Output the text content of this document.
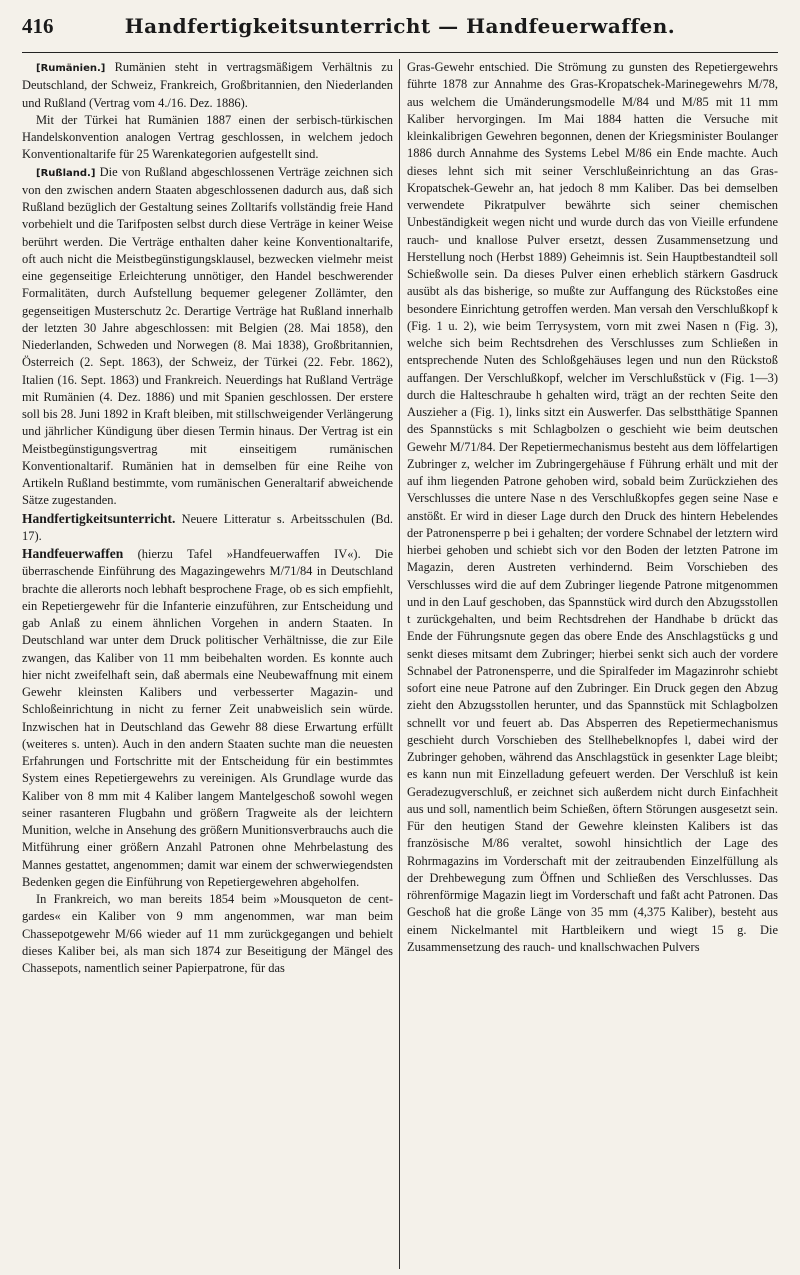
416	Handfertigkeitsunterricht — Handfeuerwaffen.

[Rumänien.] Rumänien steht in vertragsmäßigem Verhältnis zu Deutschland, der Schweiz, Frankreich, Großbritannien, den Niederlanden und Rußland (Vertrag vom 4./16. Dez. 1886).

Mit der Türkei hat Rumänien 1887 einen der serbisch-türkischen Handelskonvention analogen Vertrag geschlossen, in welchem jedoch Konventionaltarife für 25 Warenkategorien aufgestellt sind.

[Rußland.] Die von Rußland abgeschlossenen Verträge zeichnen sich von den zwischen andern Staaten abgeschlossenen dadurch aus, daß sich Rußland bezüglich der Gestaltung seines Zolltarifs vollständig freie Hand vorbehielt und die Tarifposten selbst durch diese Verträge in keiner Weise berührt werden. Die Verträge enthalten daher keine Konventionaltarife, oft auch nicht die Meistbegünstigungsklausel, bezwecken vielmehr meist eine gegenseitige Erleichterung unnötiger, den Handel beschwerender Formalitäten, durch Aufstellung bequemer gelegener Zollämter, den gegenseitigen Musterschutz 2c. Derartige Verträge hat Rußland innerhalb der letzten 30 Jahre abgeschlossen: mit Belgien (28. Mai 1858), den Niederlanden, Schweden und Norwegen (8. Mai 1838), Großbritannien, Österreich (2. Sept. 1863), der Schweiz, der Türkei (22. Febr. 1862), Italien (16. Sept. 1863) und Frankreich. Neuerdings hat Rußland Verträge mit Rumänien (4. Dez. 1886) und mit Spanien geschlossen. Der erstere soll bis 28. Juni 1892 in Kraft bleiben, mit stillschweigender Verlängerung und jährlicher Kündigung über diesen Termin hinaus. Der Vertrag ist ein Meistbegünstigungsvertrag mit einseitigem rumänischen Konventionaltarif. Rumänien hat in demselben für eine Reihe von Artikeln Rußland bestimmte, vom rumänischen Generaltarif abweichende Sätze zugestanden.

Handfertigkeitsunterricht. Neuere Litteratur s. Arbeitsschulen (Bd. 17).

Handfeuerwaffen (hierzu Tafel »Handfeuerwaffen IV«). Die überraschende Einführung des Magazingewehrs M/71/84 in Deutschland brachte die allerorts noch lebhaft besprochene Frage, ob es sich empfiehlt, ein Repetiergewehr für die Infanterie einzuführen, zur Entscheidung und gab Anlaß zu einem ähnlichen Vorgehen in andern Staaten. In Deutschland war unter dem Druck politischer Verhältnisse, die zur Eile zwangen, das Kaliber von 11 mm beibehalten worden. Es konnte auch hier nicht zweifelhaft sein, daß abermals eine Neubewaffnung mit einem Gewehr kleinsten Kalibers und verbesserter Magazin- und Schloßeinrichtung in nicht zu ferner Zeit unabweislich sein würde. Inzwischen hat in Deutschland das Gewehr 88 diese Erwartung erfüllt (weiteres s. unten). Auch in den andern Staaten suchte man die neuesten Erfahrungen und Fortschritte mit der Entscheidung für ein bestimmtes System eines Repetiergewehrs zu vereinigen. Als Grundlage wurde das Kaliber von 8 mm mit 4 Kaliber langem Mantelgeschoß sowohl wegen seiner rasanteren Flugbahn und größern Tragweite als der leichtern Munition, welche in Ansehung des größern Munitionsverbrauchs auch die Mitführung einer größern Anzahl Patronen ohne Mehrbelastung des Mannes gestattet, angenommen; damit war einem der schwerwiegendsten Bedenken gegen die Einführung von Repetiergewehren abgeholfen.

In Frankreich, wo man bereits 1854 beim »Mousqueton de cent-gardes« ein Kaliber von 9 mm angenommen, war man beim Chassepotgewehr M/66 wieder auf 11 mm zurückgegangen und behielt dieses Kaliber bei, als man sich 1874 zur Beseitigung der Mängel des Chassepots, namentlich seiner Papierpatrone, für das

Gras-Gewehr entschied. Die Strömung zu gunsten des Repetiergewehrs führte 1878 zur Annahme des Gras-Kropatschek-Marinegewehrs M/78, aus welchem die Umänderungsmodelle M/84 und M/85 mit 11 mm Kaliber hervorgingen. Im Mai 1884 hatten die Versuche mit kleinkalibrigen Gewehren begonnen, denen der Kriegsminister Boulanger 1886 durch Annahme des Systems Lebel M/86 ein Ende machte. Auch dieses lehnt sich mit seiner Verschlußeinrichtung an das Gras-Kropatschek-Gewehr an, hat jedoch 8 mm Kaliber. Das bei demselben verwendete Pikratpulver bewährte sich seiner chemischen Unbeständigkeit wegen nicht und wurde durch das von Vieille erfundene rauch- und knallose Pulver ersetzt, dessen Zusammensetzung und Herstellung noch (Herbst 1889) Geheimnis ist. Sein Hauptbestandteil soll Schießwolle sein. Da dieses Pulver einen erheblich stärkern Gasdruck ausübt als das bisherige, so mußte zur Auffangung des Rückstoßes eine besondere Einrichtung getroffen werden. Man versah den Verschlußkopf k (Fig. 1 u. 2), wie beim Terrysystem, vorn mit zwei Nasen n (Fig. 3), welche sich beim Rechtsdrehen des Verschlusses zum Schließen in entsprechende Nuten des Schloßgehäuses legen und nun den Rückstoß auffangen. Der Verschlußkopf, welcher im Verschlußstück v (Fig. 1—3) durch die Halteschraube h gehalten wird, trägt an der rechten Seite den Auszieher a (Fig. 1), links sitzt ein Auswerfer. Das selbstthätige Spannen des Spannstücks s mit Schlagbolzen o geschieht wie beim deutschen Gewehr M/71/84. Der Repetiermechanismus besteht aus dem löffelartigen Zubringer z, welcher im Zubringergehäuse f Führung erhält und mit der auf ihm liegenden Patrone gehoben wird, sobald beim Zurückziehen des Verschlusses die untere Nase n des Verschlußkopfes gegen seine Nase e anstößt. Er wird in dieser Lage durch den Druck des hintern Hebelendes der Patronensperre p bei i gehalten; der vordere Schnabel der letztern wird hierbei gehoben und schiebt sich vor den Boden der letzten Patrone im Magazin, deren Austreten verhindernd. Beim Vorschieben des Verschlusses wird die auf dem Zubringer liegende Patrone mitgenommen und in den Lauf geschoben, das Spannstück wird durch den Abzugsstollen t zurückgehalten, und beim Rechtsdrehen der Handhabe b drückt das Ende der Führungsnute gegen das obere Ende des Anschlagstücks g und senkt dieses mitsamt dem Zubringer; hierbei senkt sich auch der vordere Schnabel der Patronensperre, und die Spiralfeder im Magazinrohr schiebt sofort eine neue Patrone auf den Zubringer. Ein Druck gegen den Abzug zieht den Abzugsstollen herunter, und das Spannstück mit Schlagbolzen schnellt vor und feuert ab. Das Absperren des Repetiermechanismus geschieht durch Vorschieben des Stellhebelknopfes l, dabei wird der Zubringer gehoben, während das Anschlagstück in gesenkter Lage bleibt; es kann nun mit Einzelladung gefeuert werden. Der Verschluß ist kein Geradezugverschluß, er zeichnet sich außerdem nicht durch Einfachheit aus und soll, namentlich beim Schießen, öftern Störungen ausgesetzt sein. Für den heutigen Stand der Gewehre kleinsten Kalibers ist das französische M/86 veraltet, sowohl hinsichtlich der Lage des Rohrmagazins im Vorderschaft mit der zeitraubenden Einzelfüllung als der Drehbewegung zum Öffnen und Schließen des Verschlusses. Das röhrenförmige Magazin liegt im Vorderschaft und faßt acht Patronen. Das Geschoß hat die große Länge von 35 mm (4,375 Kaliber), besteht aus einem Nickelmantel mit Hartbleikern und wiegt 15 g. Die Zusammensetzung des rauch- und knallschwachen Pulvers
